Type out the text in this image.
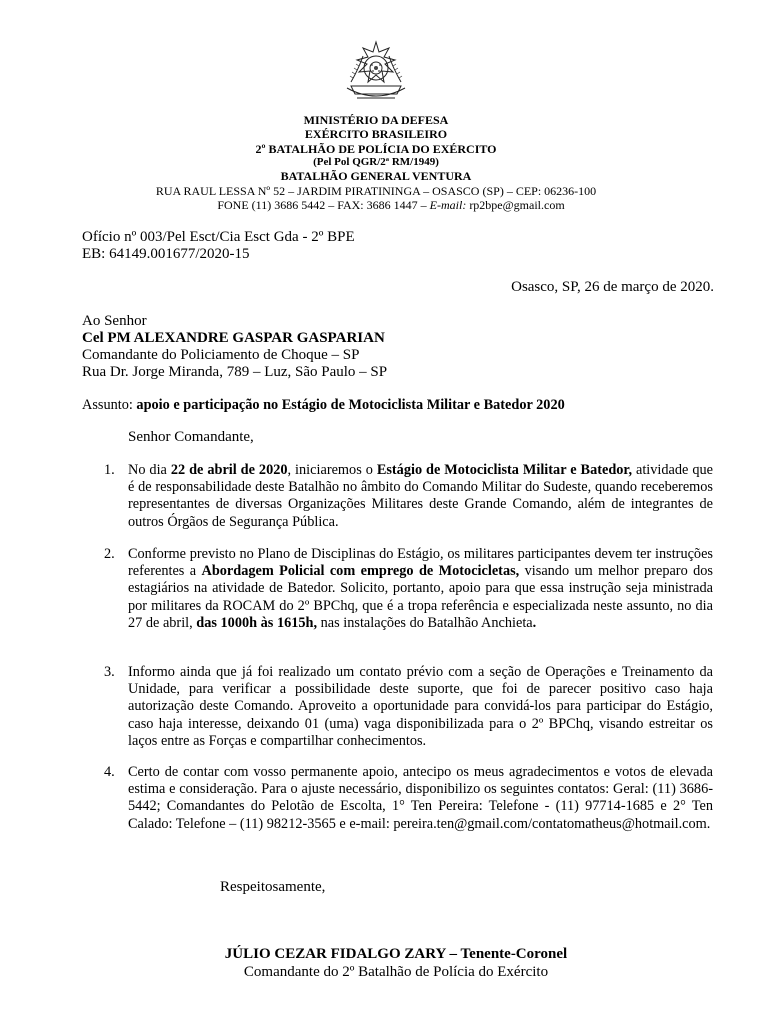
MINISTÉRIO DA DEFESA
EXÉRCITO BRASILEIRO
2º BATALHÃO DE POLÍCIA DO EXÉRCITO
(Pel Pol QGR/2ª RM/1949)
BATALHÃO GENERAL VENTURA
RUA RAUL LESSA Nº 52 – JARDIM PIRATININGA – OSASCO (SP) – CEP: 06236-100
FONE (11) 3686 5442 – FAX: 3686 1447 – E-mail: rp2bpe@gmail.com
Ofício nº 003/Pel Esct/Cia Esct Gda - 2º BPE
EB: 64149.001677/2020-15
Osasco, SP, 26 de março de 2020.
Ao Senhor
Cel PM ALEXANDRE GASPAR GASPARIAN
Comandante do Policiamento de Choque – SP
Rua Dr. Jorge Miranda, 789 – Luz, São Paulo – SP
Assunto: apoio e participação no Estágio de Motociclista Militar e Batedor 2020
Senhor Comandante,
1. No dia 22 de abril de 2020, iniciaremos o Estágio de Motociclista Militar e Batedor, atividade que é de responsabilidade deste Batalhão no âmbito do Comando Militar do Sudeste, quando receberemos representantes de diversas Organizações Militares deste Grande Comando, além de integrantes de outros Órgãos de Segurança Pública.
2. Conforme previsto no Plano de Disciplinas do Estágio, os militares participantes devem ter instruções referentes a Abordagem Policial com emprego de Motocicletas, visando um melhor preparo dos estagiários na atividade de Batedor. Solicito, portanto, apoio para que essa instrução seja ministrada por militares da ROCAM do 2º BPChq, que é a tropa referência e especializada neste assunto, no dia 27 de abril, das 1000h às 1615h, nas instalações do Batalhão Anchieta.
3. Informo ainda que já foi realizado um contato prévio com a seção de Operações e Treinamento da Unidade, para verificar a possibilidade deste suporte, que foi de parecer positivo caso haja autorização deste Comando. Aproveito a oportunidade para convidá-los para participar do Estágio, caso haja interesse, deixando 01 (uma) vaga disponibilizada para o 2º BPChq, visando estreitar os laços entre as Forças e compartilhar conhecimentos.
4. Certo de contar com vosso permanente apoio, antecipo os meus agradecimentos e votos de elevada estima e consideração. Para o ajuste necessário, disponibilizo os seguintes contatos: Geral: (11) 3686-5442; Comandantes do Pelotão de Escolta, 1° Ten Pereira: Telefone - (11) 97714-1685 e 2° Ten Calado: Telefone – (11) 98212-3565 e e-mail: pereira.ten@gmail.com/contatomatheus@hotmail.com.
Respeitosamente,
JÚLIO CEZAR FIDALGO ZARY – Tenente-Coronel
Comandante do 2º Batalhão de Polícia do Exército
